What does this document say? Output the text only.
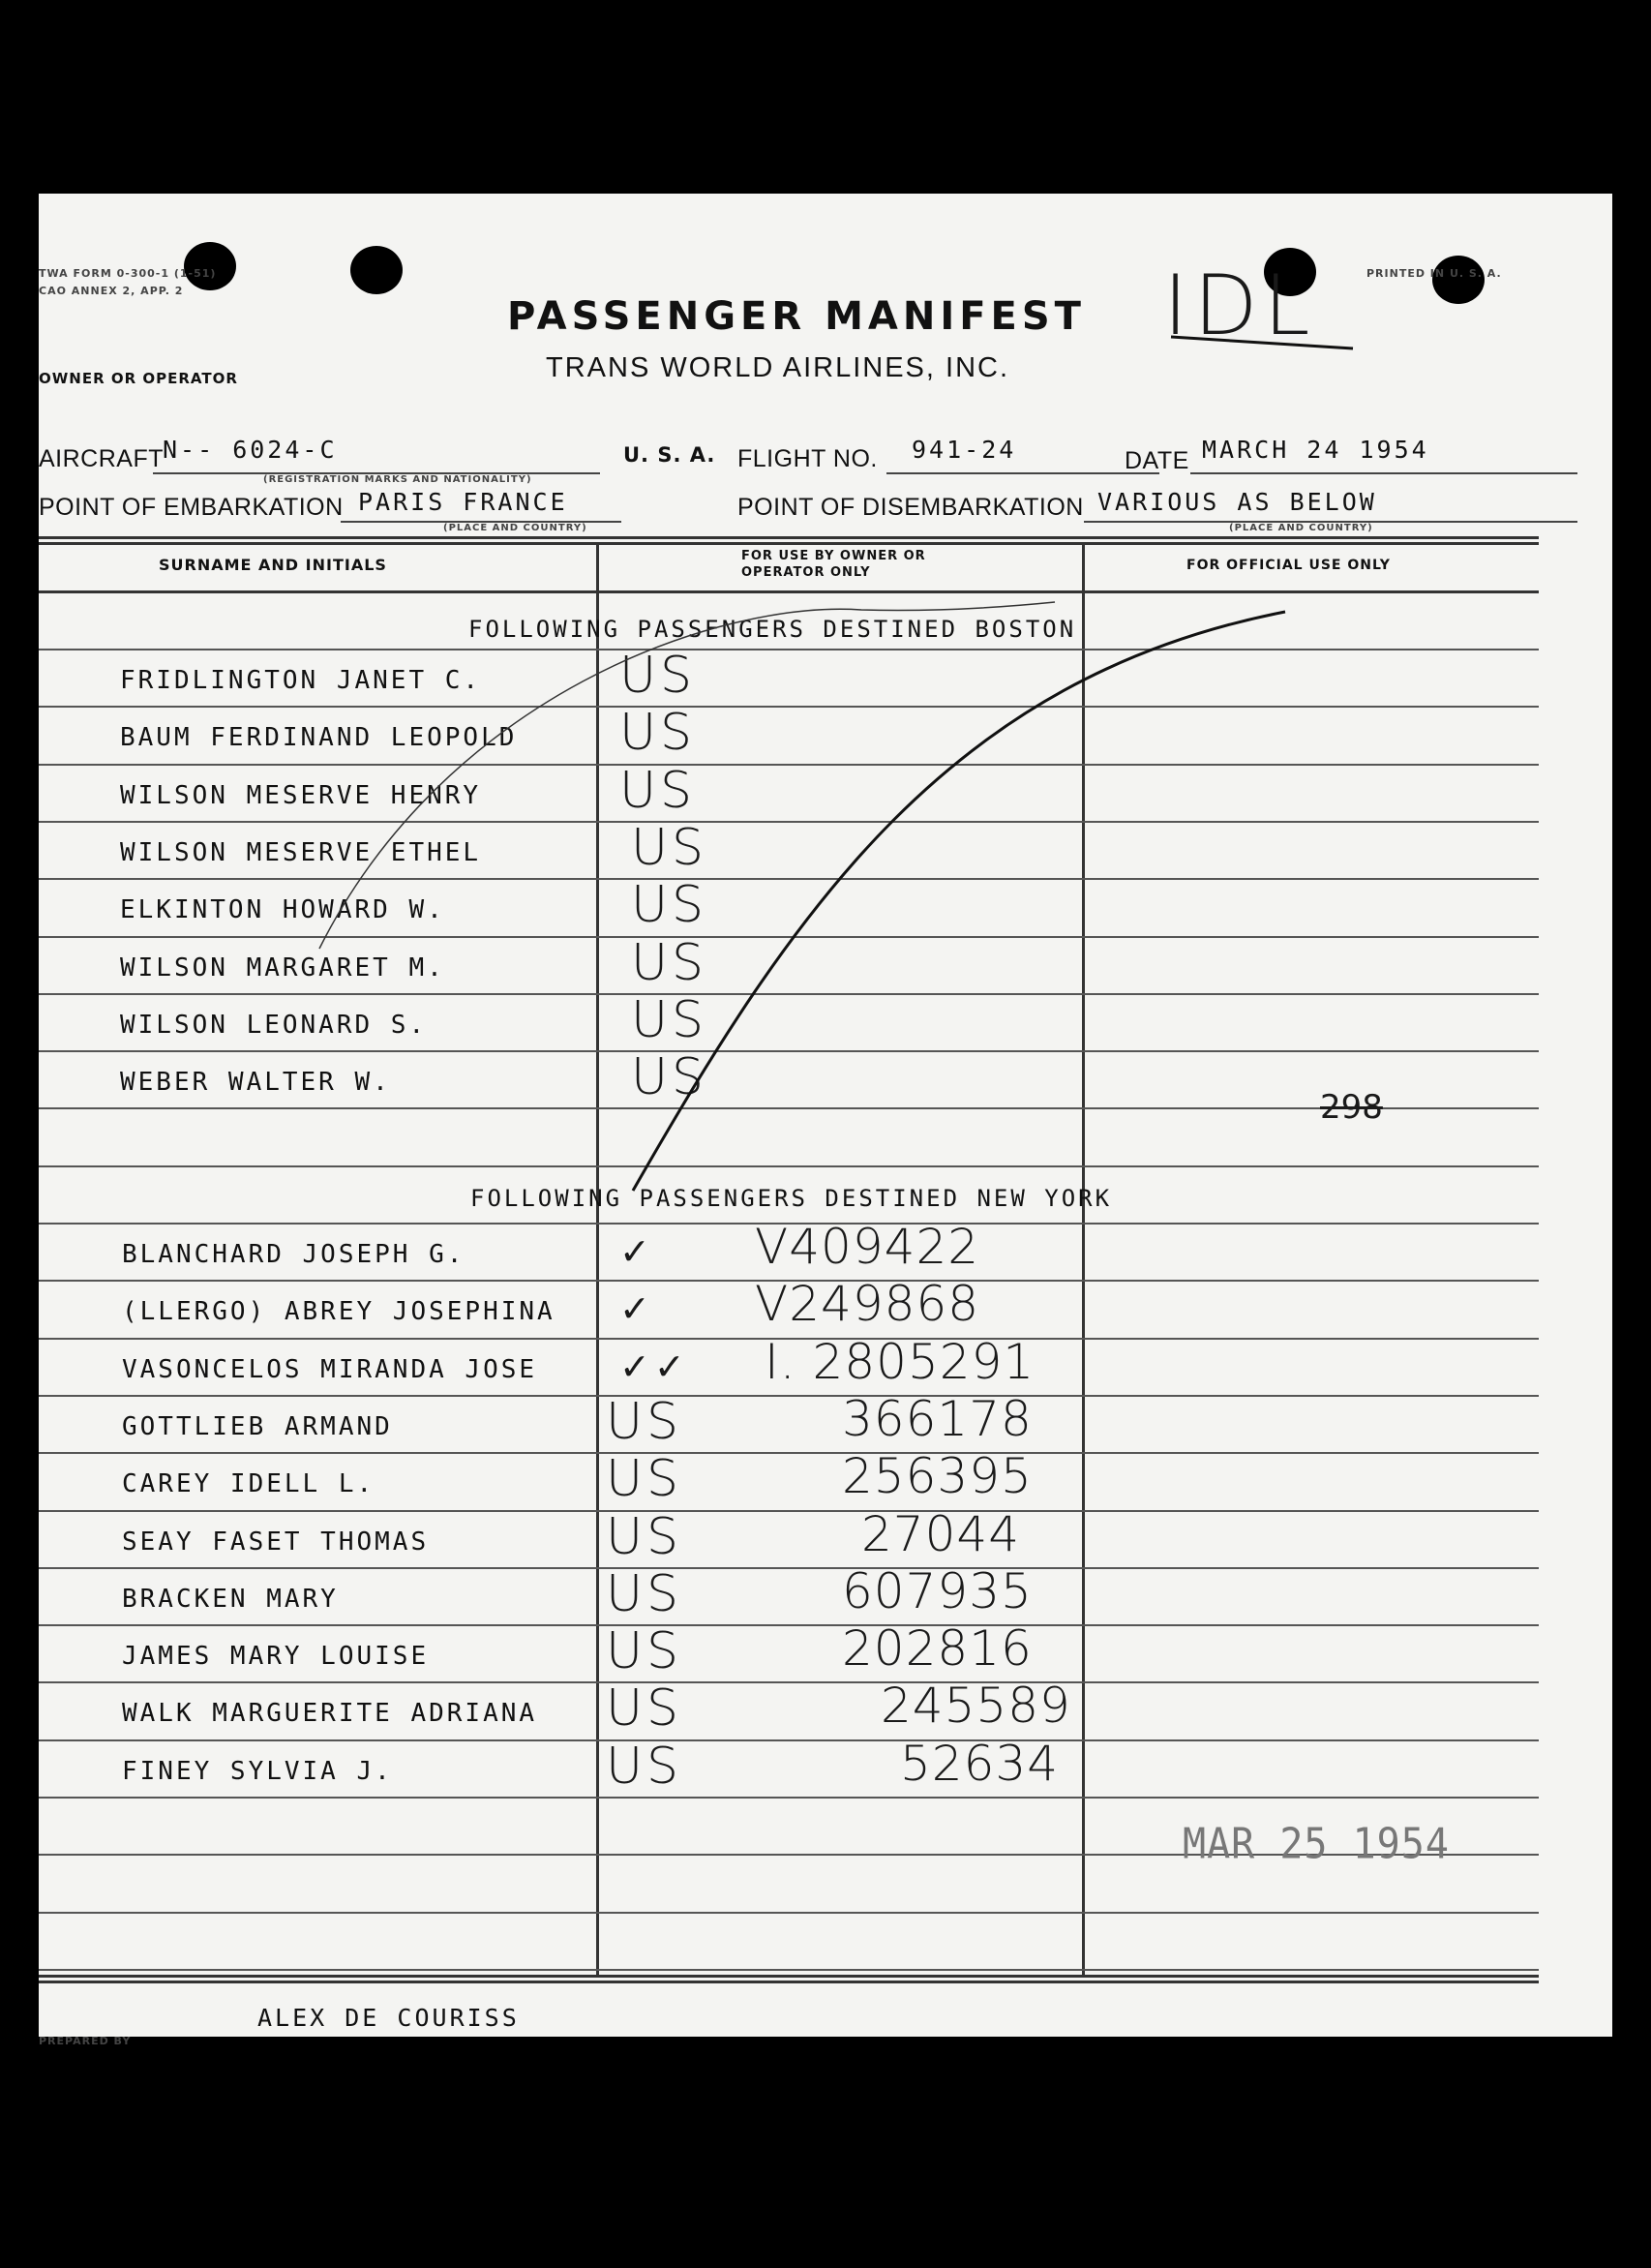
TWA FORM 0-300-1 (1-51)
CAO ANNEX 2, APP. 2
PRINTED IN U. S. A.
OWNER OR OPERATOR
PASSENGER MANIFEST
TRANS WORLD AIRLINES, INC.
IDL
AIRCRAFT N-- 6024-C
(REGISTRATION MARKS AND NATIONALITY)
U. S. A. FLIGHT NO. 941-24	DATE MARCH 24 1954
POINT OF EMBARKATION PARIS FRANCE
(PLACE AND COUNTRY)
POINT OF DISEMBARKATION VARIOUS AS BELOW
(PLACE AND COUNTRY)
SURNAME AND INITIALS	FOR USE BY OWNER OR OPERATOR ONLY	FOR OFFICIAL USE ONLY
FOLLOWING PASSENGERS DESTINED BOSTON
FRIDLINGTON JANET C.	US
BAUM FERDINAND LEOPOLD US
WILSON MESERVE HENRY	US
WILSON MESERVE ETHEL	US
ELKINTON HOWARD W.	US
WILSON MARGARET M.	US
WILSON LEONARD S.	US
WEBER WALTER W.	US
FOLLOWING PASSENGERS DESTINED NEW YORK
BLANCHARD JOSEPH G.	✓ V409422
(LLERGO) ABREY JOSEPHINA ✓ V249868
VASONCELOS MIRANDA JOSE ✓✓ I. 2805291
GOTTLIEB ARMAND	US	366178
CAREY IDELL L.	US	256395
SEAY FASET THOMAS	US	27044
BRACKEN MARY	US	607935
JAMES MARY LOUISE	US	202816
WALK MARGUERITE ADRIANA US	245589
FINEY SYLVIA J.	US	52634
298
MAR 25 1954
PREPARED BY
ALEX DE COURISS
